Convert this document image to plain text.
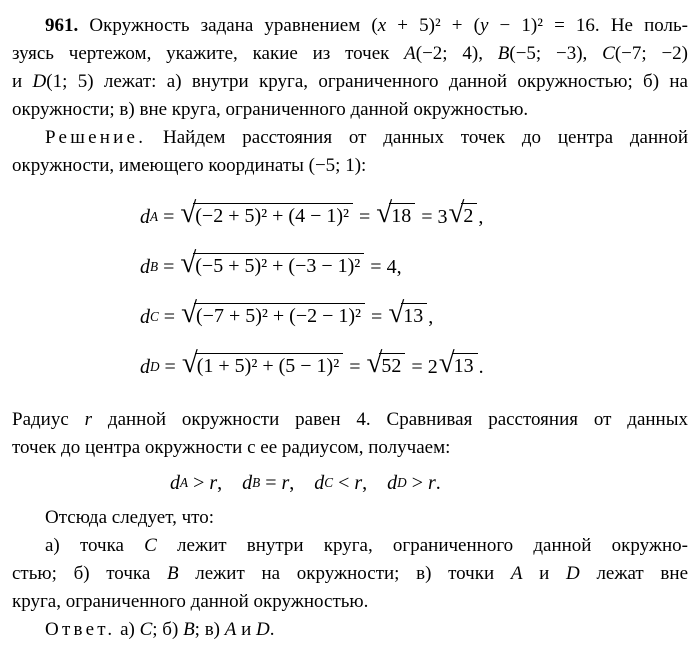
961. Окружность задана уравнением (x + 5)² + (y − 1)² = 16. Не поль-
зуясь чертежом, укажите, какие из точек A(−2; 4), B(−5; −3), C(−7; −2)
и D(1; 5) лежат: а) внутри круга, ограниченного данной окружностью; б) на
окружности; в) вне круга, ограниченного данной окружностью.
Решение. Найдем расстояния от данных точек до центра данной
окружности, имеющего координаты (−5; 1):
d A = √(−2 + 5)² + (4 − 1)² = √18 = 3 √2 ,
d B = √(−5 + 5)² + (−3 − 1)² = 4,
d C = √(−7 + 5)² + (−2 − 1)² = √13 ,
d D = √(1 + 5)² + (5 − 1)² = √52 = 2 √13 .
Радиус r данной окружности равен 4. Сравнивая расстояния от данных
точек до центра окружности с ее радиусом, получаем:
d A > r , d B = r , d C < r , d D > r .
Отсюда следует, что:
а) точка C лежит внутри круга, ограниченного данной окружно-
стью; б) точка B лежит на окружности; в) точки A и D лежат вне
круга, ограниченного данной окружностью.
Ответ. а) C; б) B; в) A и D.
